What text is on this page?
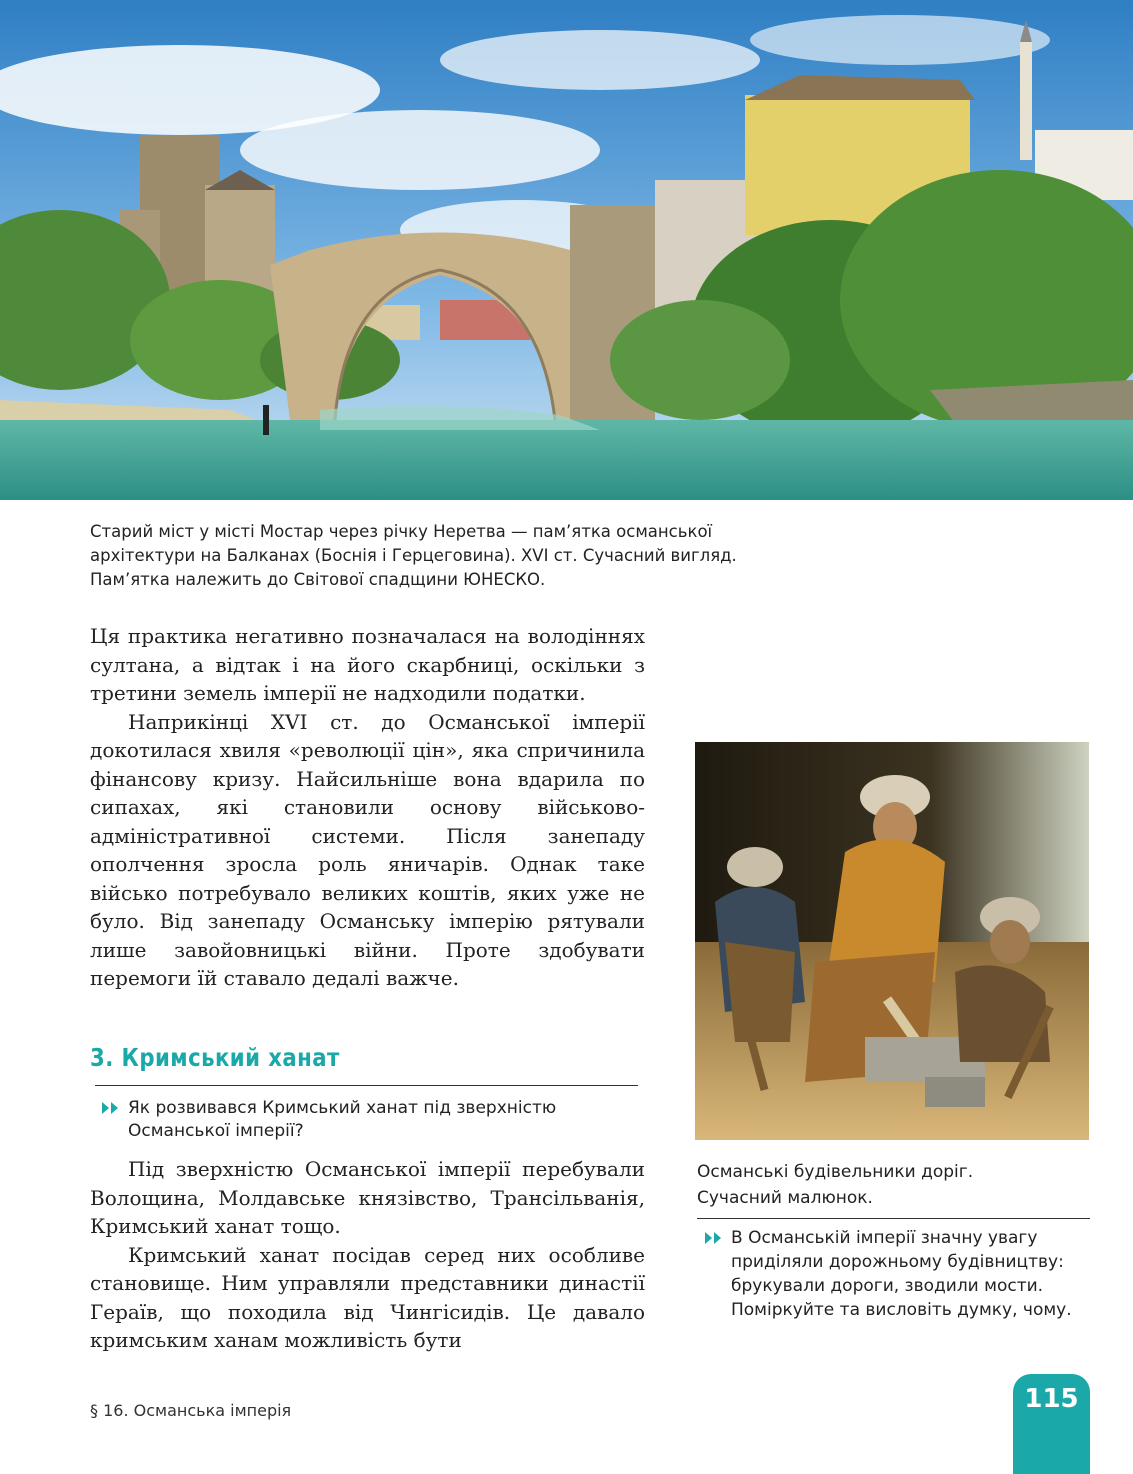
Старий міст у місті Мостар через річку Неретва — пам’ятка османської

архітектури на Балканах (Боснія і Герцеговина). XVI ст. Сучасний вигляд.

Пам’ятка належить до Світової спадщини ЮНЕСКО.

Ця практика негативно позначалася на володіннях султана, а відтак і на його скарбниці, оскільки з третини земель імперії не надходили податки.

Наприкінці XVI ст. до Османської імперії докотилася хвиля «революції цін», яка спричинила фінансову кризу. Найсильніше вона вдарила по сипахах, які становили основу військово-адміністративної системи. Після занепаду ополчення зросла роль яничарів. Однак таке військо потребувало великих коштів, яких уже не було. Від занепаду Османську імперію рятували лише завойовницькі війни. Проте здобувати перемоги їй ставало дедалі важче.

3. Кримський ханат
Як розвивався Кримський ханат під зверхністю Османської імперії?

Під зверхністю Османської імперії перебували Волощина, Молдавське князівство, Трансільванія, Кримський ханат тощо.

Кримський ханат посідав серед них особливе становище. Ним управляли представники династії Гераїв, що походила від Чингісидів. Це давало кримським ханам можливість бути

Османські будівельники доріг.

Сучасний малюнок.

В Османській імперії значну увагу приділяли дорожньому будівництву: брукували дороги, зводили мости. Поміркуйте та висловіть думку, чому.
§ 16. Османська імперія	115
